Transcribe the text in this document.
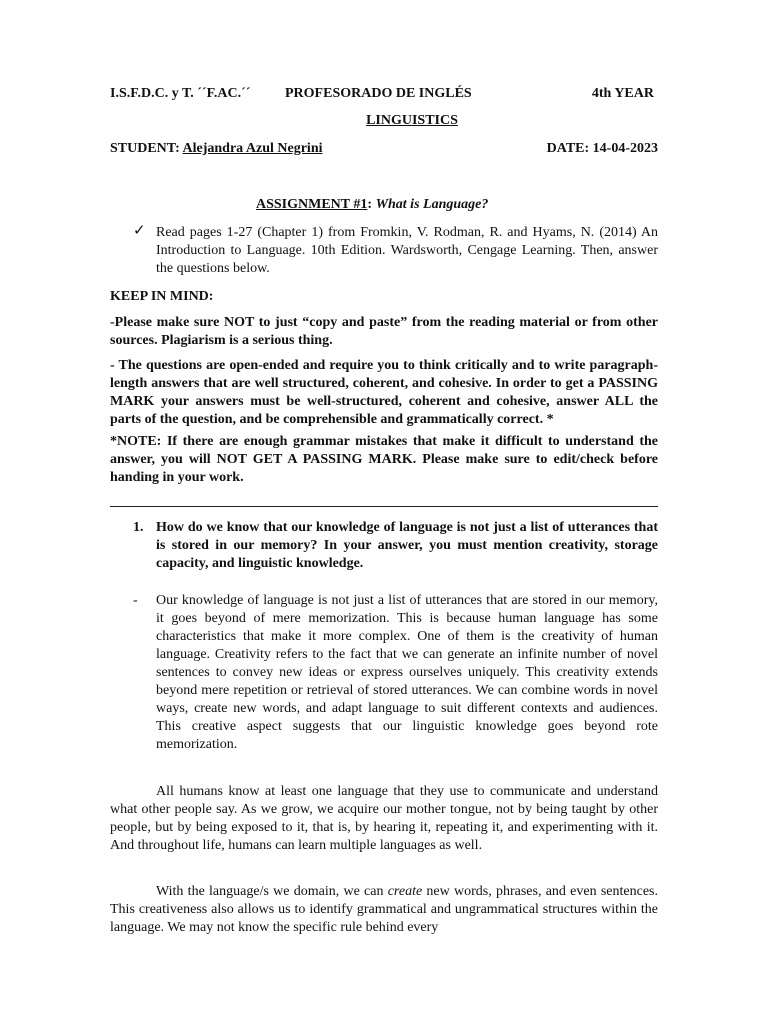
I.S.F.D.C. y T. ´´F.AC.´´ PROFESORADO DE INGLÉS	4th YEAR
LINGUISTICS
STUDENT: Alejandra Azul Negrini	DATE: 14-04-2023
ASSIGNMENT #1: What is Language?
✓ Read pages 1-27 (Chapter 1) from Fromkin, V. Rodman, R. and Hyams, N. (2014) An Introduction to Language. 10th Edition. Wardsworth, Cengage Learning. Then, answer the questions below.
KEEP IN MIND:
-Please make sure NOT to just “copy and paste” from the reading material or from other sources. Plagiarism is a serious thing.
- The questions are open-ended and require you to think critically and to write paragraph-length answers that are well structured, coherent, and cohesive. In order to get a PASSING MARK your answers must be well-structured, coherent and cohesive, answer ALL the parts of the question, and be comprehensible and grammatically correct. *
*NOTE: If there are enough grammar mistakes that make it difficult to understand the answer, you will NOT GET A PASSING MARK. Please make sure to edit/check before handing in your work.
1. How do we know that our knowledge of language is not just a list of utterances that is stored in our memory? In your answer, you must mention creativity, storage capacity, and linguistic knowledge.
- Our knowledge of language is not just a list of utterances that are stored in our memory, it goes beyond of mere memorization. This is because human language has some characteristics that make it more complex. One of them is the creativity of human language. Creativity refers to the fact that we can generate an infinite number of novel sentences to convey new ideas or express ourselves uniquely. This creativity extends beyond mere repetition or retrieval of stored utterances. We can combine words in novel ways, create new words, and adapt language to suit different contexts and audiences. This creative aspect suggests that our linguistic knowledge goes beyond rote memorization.
All humans know at least one language that they use to communicate and understand what other people say. As we grow, we acquire our mother tongue, not by being taught by other people, but by being exposed to it, that is, by hearing it, repeating it, and experimenting with it. And throughout life, humans can learn multiple languages as well.
With the language/s we domain, we can create new words, phrases, and even sentences. This creativeness also allows us to identify grammatical and ungrammatical structures within the language. We may not know the specific rule behind every
